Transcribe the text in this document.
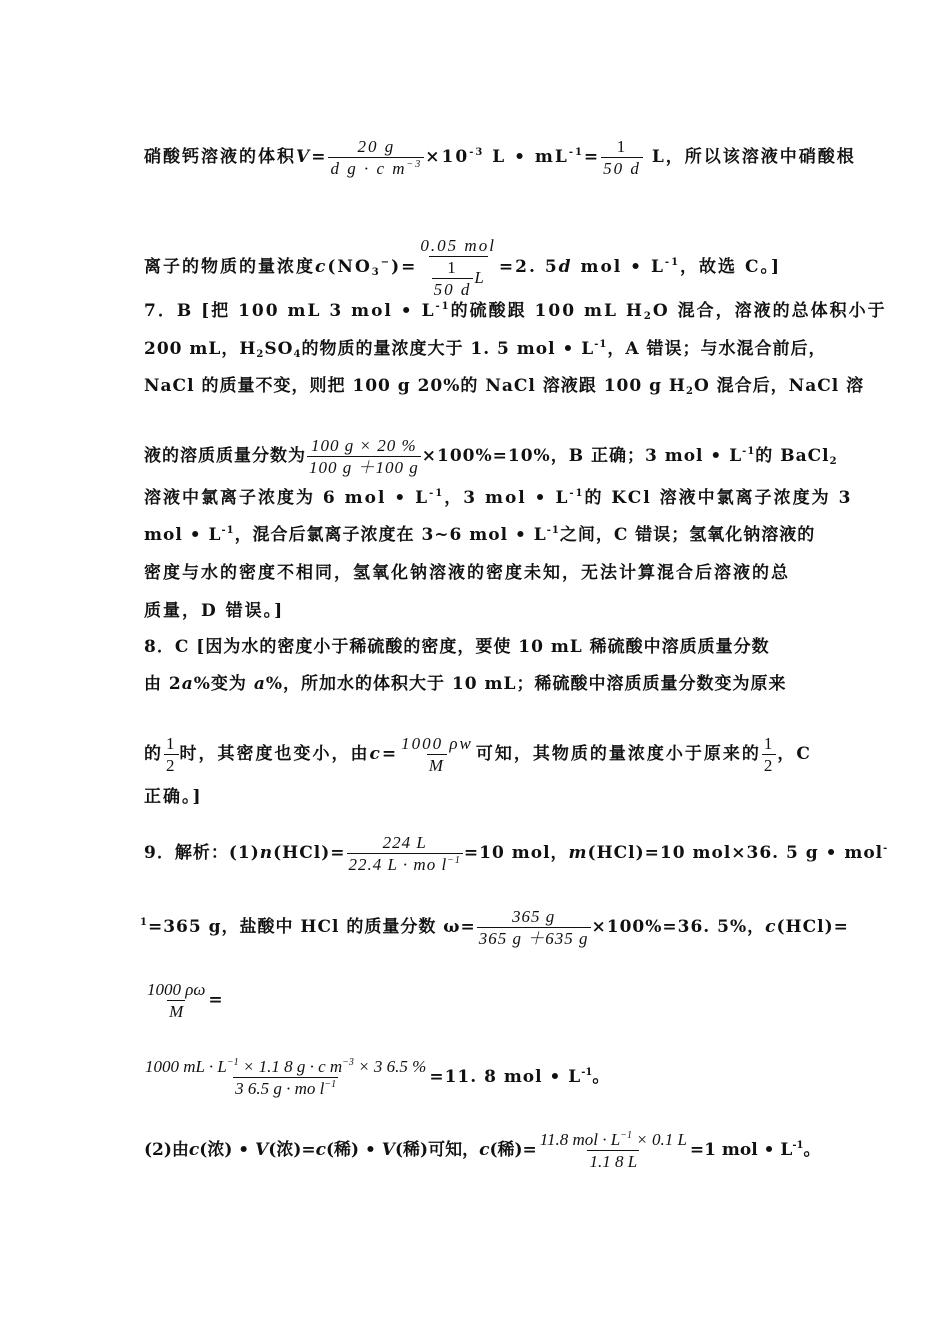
硝酸钙溶液的体积$V= \frac{20 g}{d g \cdot c m^{-3}} \times 10^{-3}$ L • $mL^{-1}= \frac{1}{50 d}$ L，所以该溶液中硝酸根
离子的物质的量浓度$c(NO_3^-)= \frac{\text{0.05 mol}}{\frac{1}{50 d} L} =2$. 5d mol • $L^{-1}$，故选 C。]
7．B [把 100 mL 3 mol • $L^{-1}$的硫酸跟 100 mL $H_2O$ 混合，溶液的总体积小于
200 mL，$H_2SO_4$的物质的量浓度大于 1. 5 mol • $L^{-1}$，A 错误；与水混合前后，
NaCl 的质量不变，则把 100 g 20%的 NaCl 溶液跟 100 g $H_2O$ 混合后，NaCl 溶
液的溶质质量分数为 $\frac{100 g \times 20 \%}{100 g +100 g} \times 100\%=10\%$，B 正确；3 mol • $L^{-1}$的 BaCl$_2$
溶液中氯离子浓度为 6 mol • $L^{-1}$，3 mol • $L^{-1}$的 KCl 溶液中氯离子浓度为 3
mol • $L^{-1}$，混合后氯离子浓度在 3~6 mol • $L^{-1}$之间，C 错误；氢氧化钠溶液的
密度与水的密度不相同，氢氧化钠溶液的密度未知，无法计算混合后溶液的总
质量，D 错误。]
8．C [因为水的密度小于稀硫酸的密度，要使 10 mL 稀硫酸中溶质质量分数
由 2a%变为 a%，所加水的体积大于 10 mL；稀硫酸中溶质质量分数变为原来
的 $\frac{1}{2}$ 时，其密度也变小，由$c= \frac{1000 \rho w}{M}$ 可知，其物质的量浓度小于原来的 $\frac{1}{2}$ ，C
正确。]
9．解析：$(1)n(HCl)= \frac{224 L}{22.4 L \cdot mo l^{-1}} =10$ mol，m(HCl)=10 mol×36. 5 g • mol-
$^1$=365 g，盐酸中 HCl 的质量分数 $\omega= \frac{365 g}{365 g +635 g} \times 100\%=36$. 5%，c(HCl)=
$\frac{1000 \rho\omega}{M}$ =
$\frac{1000 mL \cdot L^{-1} \times 1.1 8 g \cdot c m^{-3} \times 3 6.5 \%}{3 6.5 g \cdot mo l^{-1}} =11$. 8 mol • $L^{-1}$。
(2)由c(浓) • V(浓)=c(稀) • V(稀)可知，c(稀)= $\frac{11.8 mol \cdot L^{-1} \times 0.1 L}{1.1 8 L} =1$ mol • $L^{-1}$。
